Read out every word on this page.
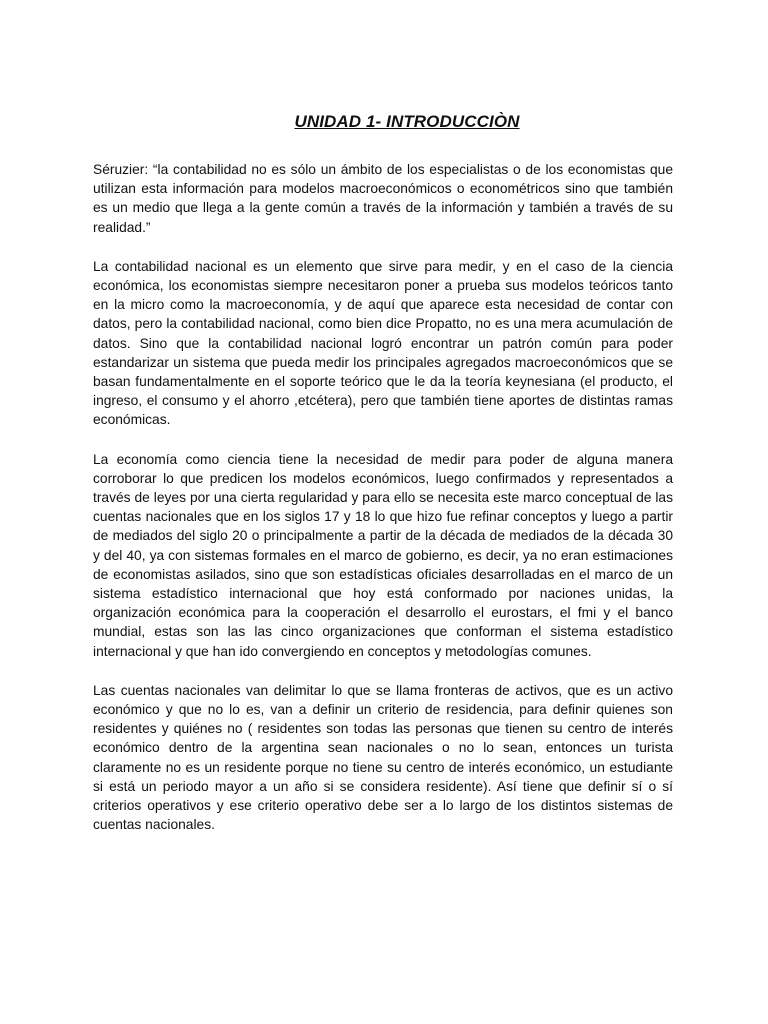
UNIDAD 1- INTRODUCCIÒN

Séruzier: “la contabilidad no es sólo un ámbito de los especialistas o de los economistas que utilizan esta información para modelos macroeconómicos o econométricos sino que también es un medio que llega a la gente común a través de la información y también a través de su realidad.”

La contabilidad nacional es un elemento que sirve para medir, y en el caso de la ciencia económica, los economistas siempre necesitaron poner a prueba sus modelos teóricos tanto en la micro como la macroeconomía, y de aquí que aparece esta necesidad de contar con datos, pero la contabilidad nacional, como bien dice Propatto, no es una mera acumulación de datos. Sino que la contabilidad nacional logró encontrar un patrón común para poder estandarizar un sistema que pueda medir los principales agregados macroeconómicos que se basan fundamentalmente en el soporte teórico que le da la teoría keynesiana (el producto, el ingreso, el consumo y el ahorro ,etcétera), pero que también tiene aportes de distintas ramas económicas.

La economía como ciencia tiene la necesidad de medir para poder de alguna manera corroborar lo que predicen los modelos económicos, luego confirmados y representados a través de leyes por una cierta regularidad y para ello se necesita este marco conceptual de las cuentas nacionales que en los siglos 17 y 18 lo que hizo fue refinar conceptos y luego a partir de mediados del siglo 20 o principalmente a partir de la década de mediados de la década 30 y del 40, ya con sistemas formales en el marco de gobierno, es decir, ya no eran estimaciones de economistas asilados, sino que son estadísticas oficiales desarrolladas en el marco de un sistema estadístico internacional que hoy está conformado por naciones unidas, la organización económica para la cooperación el desarrollo el eurostars, el fmi y el banco mundial, estas son las las cinco organizaciones que conforman el sistema estadístico internacional y que han ido convergiendo en conceptos y metodologías comunes.

Las cuentas nacionales van delimitar lo que se llama fronteras de activos, que es un activo económico y que no lo es, van a definir un criterio de residencia, para definir quienes son residentes y quiénes no ( residentes son todas las personas que tienen su centro de interés económico dentro de la argentina sean nacionales o no lo sean, entonces un turista claramente no es un residente porque no tiene su centro de interés económico, un estudiante si está un periodo mayor a un año si se considera residente). Así tiene que definir sí o sí criterios operativos y ese criterio operativo debe ser a lo largo de los distintos sistemas de cuentas nacionales.
